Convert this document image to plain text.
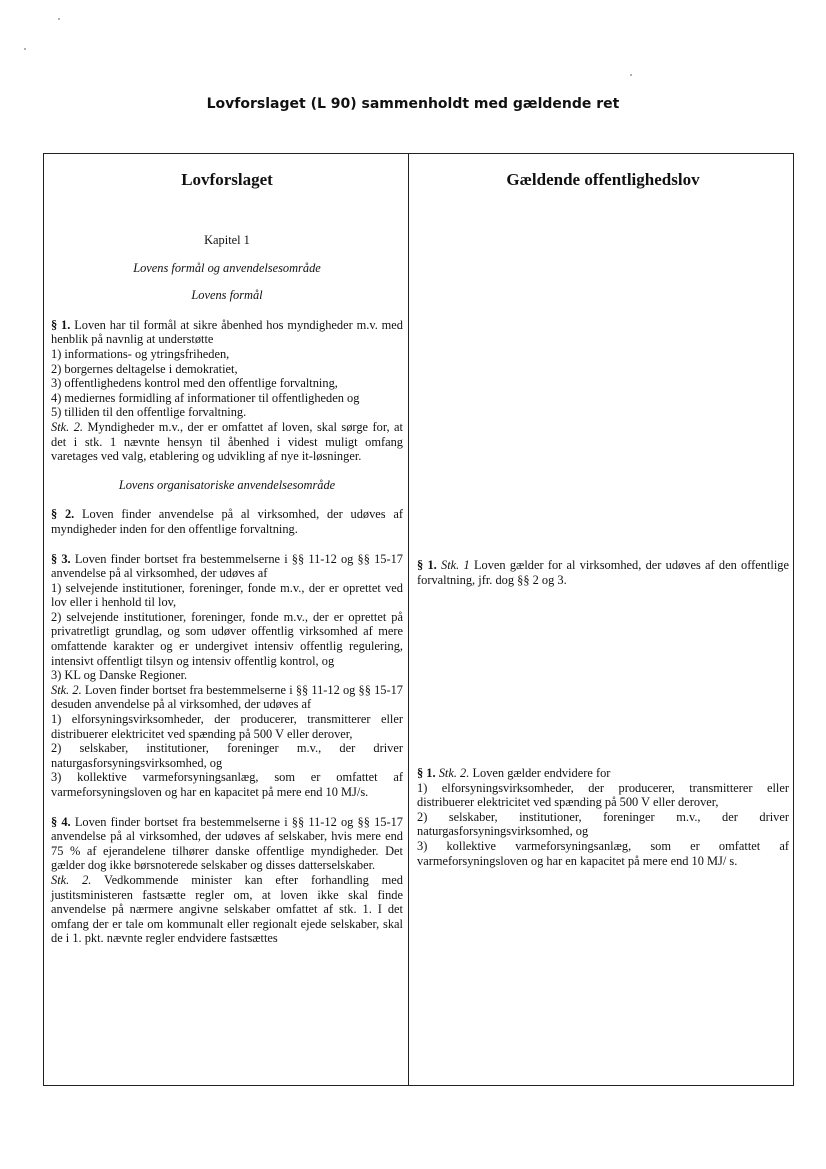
Lovforslaget (L 90) sammenholdt med gældende ret
Lovforslaget

Kapitel 1

Lovens formål og anvendelsesområde

Lovens formål

§ 1. Loven har til formål at sikre åbenhed hos myndigheder m.v. med henblik på navnlig at understøtte

1) informations- og ytringsfriheden,

2) borgernes deltagelse i demokratiet,

3) offentlighedens kontrol med den offentlige forvaltning,

4) mediernes formidling af informationer til offentligheden og

5) tilliden til den offentlige forvaltning.

Stk. 2. Myndigheder m.v., der er omfattet af loven, skal sørge for, at det i stk. 1 nævnte hensyn til åbenhed i videst muligt omfang varetages ved valg, etablering og udvikling af nye it-løsninger.

Lovens organisatoriske anvendelsesområde

§ 2. Loven finder anvendelse på al virksomhed, der udøves af myndigheder inden for den offentlige forvaltning.

§ 3. Loven finder bortset fra bestemmelserne i §§ 11-12 og §§ 15-17 anvendelse på al virksomhed, der udøves af

1) selvejende institutioner, foreninger, fonde m.v., der er oprettet ved lov eller i henhold til lov,

2) selvejende institutioner, foreninger, fonde m.v., der er oprettet på privatretligt grundlag, og som udøver offentlig virksomhed af mere omfattende karakter og er undergivet intensiv offentlig regulering, intensivt offentligt tilsyn og intensiv offentlig kontrol, og

3) KL og Danske Regioner.

Stk. 2. Loven finder bortset fra bestemmelserne i §§ 11-12 og §§ 15-17 desuden anvendelse på al virksomhed, der udøves af

1) elforsyningsvirksomheder, der producerer, transmitterer eller distribuerer elektricitet ved spænding på 500 V eller derover,

2) selskaber, institutioner, foreninger m.v., der driver naturgasforsyningsvirksomhed, og

3) kollektive varmeforsyningsanlæg, som er omfattet af varmeforsyningsloven og har en kapacitet på mere end 10 MJ/s.

§ 4. Loven finder bortset fra bestemmelserne i §§ 11-12 og §§ 15-17 anvendelse på al virksomhed, der udøves af selskaber, hvis mere end 75 % af ejerandelene tilhører danske offentlige myndigheder. Det gælder dog ikke børsnoterede selskaber og disses datterselskaber.

Stk. 2. Vedkommende minister kan efter forhandling med justitsministeren fastsætte regler om, at loven ikke skal finde anvendelse på nærmere angivne selskaber omfattet af stk. 1. I det omfang der er tale om kommunalt eller regionalt ejede selskaber, skal de i 1. pkt. nævnte regler endvidere fastsættes

Gældende offentlighedslov

§ 1. Stk. 1 Loven gælder for al virksomhed, der udøves af den offentlige forvaltning, jfr. dog §§ 2 og 3.

§ 1. Stk. 2. Loven gælder endvidere for

1) elforsyningsvirksomheder, der producerer, transmitterer eller distribuerer elektricitet ved spænding på 500 V eller derover,

2) selskaber, institutioner, foreninger m.v., der driver naturgasforsyningsvirksomhed, og

3) kollektive varmeforsyningsanlæg, som er omfattet af varmeforsyningsloven og har en kapacitet på mere end 10 MJ/ s.
